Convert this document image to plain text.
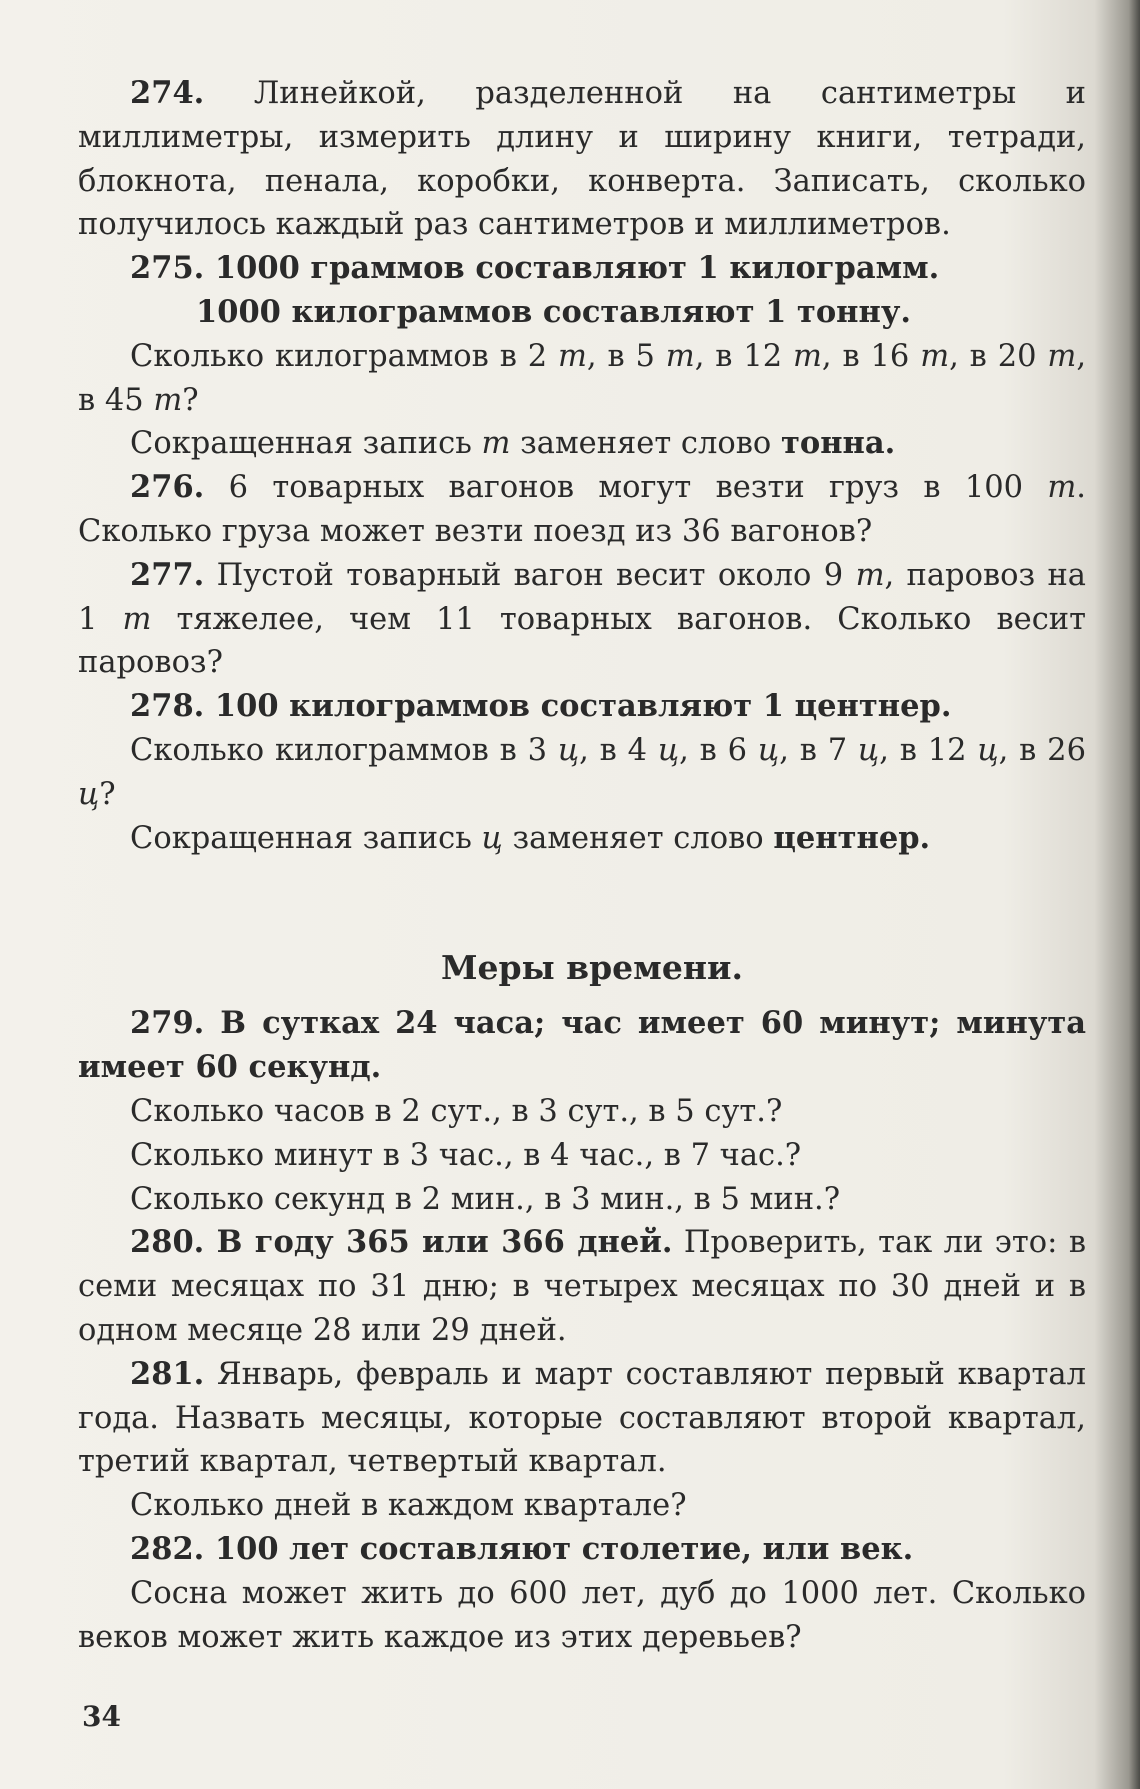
274. Линейкой, разделенной на сантиметры и миллиметры, измерить длину и ширину книги, тетради, блокнота, пенала, коробки, конверта. Записать, сколько получилось каждый раз сантиметров и миллиметров.

275. 1000 граммов составляют 1 килограмм.

1000 килограммов составляют 1 тонну.

Сколько килограммов в 2 т, в 5 т, в 12 т, в 16 т, в 20 т, в 45 т?

Сокращенная запись т заменяет слово тонна.

276. 6 товарных вагонов могут везти груз в 100 т. Сколько груза может везти поезд из 36 вагонов?

277. Пустой товарный вагон весит около 9 т, паровоз на 1 т тяжелее, чем 11 товарных вагонов. Сколько весит паровоз?

278. 100 килограммов составляют 1 центнер.

Сколько килограммов в 3 ц, в 4 ц, в 6 ц, в 7 ц, в 12 ц, в 26 ц?

Сокращенная запись ц заменяет слово центнер.

Меры времени.

279. В сутках 24 часа; час имеет 60 минут; минута имеет 60 секунд.

Сколько часов в 2 сут., в 3 сут., в 5 сут.?

Сколько минут в 3 час., в 4 час., в 7 час.?

Сколько секунд в 2 мин., в 3 мин., в 5 мин.?

280. В году 365 или 366 дней. Проверить, так ли это: в семи месяцах по 31 дню; в четырех месяцах по 30 дней и в одном месяце 28 или 29 дней.

281. Январь, февраль и март составляют первый квартал года. Назвать месяцы, которые составляют второй квартал, третий квартал, четвертый квартал.

Сколько дней в каждом квартале?

282. 100 лет составляют столетие, или век.

Сосна может жить до 600 лет, дуб до 1000 лет. Сколько веков может жить каждое из этих деревьев?

34
